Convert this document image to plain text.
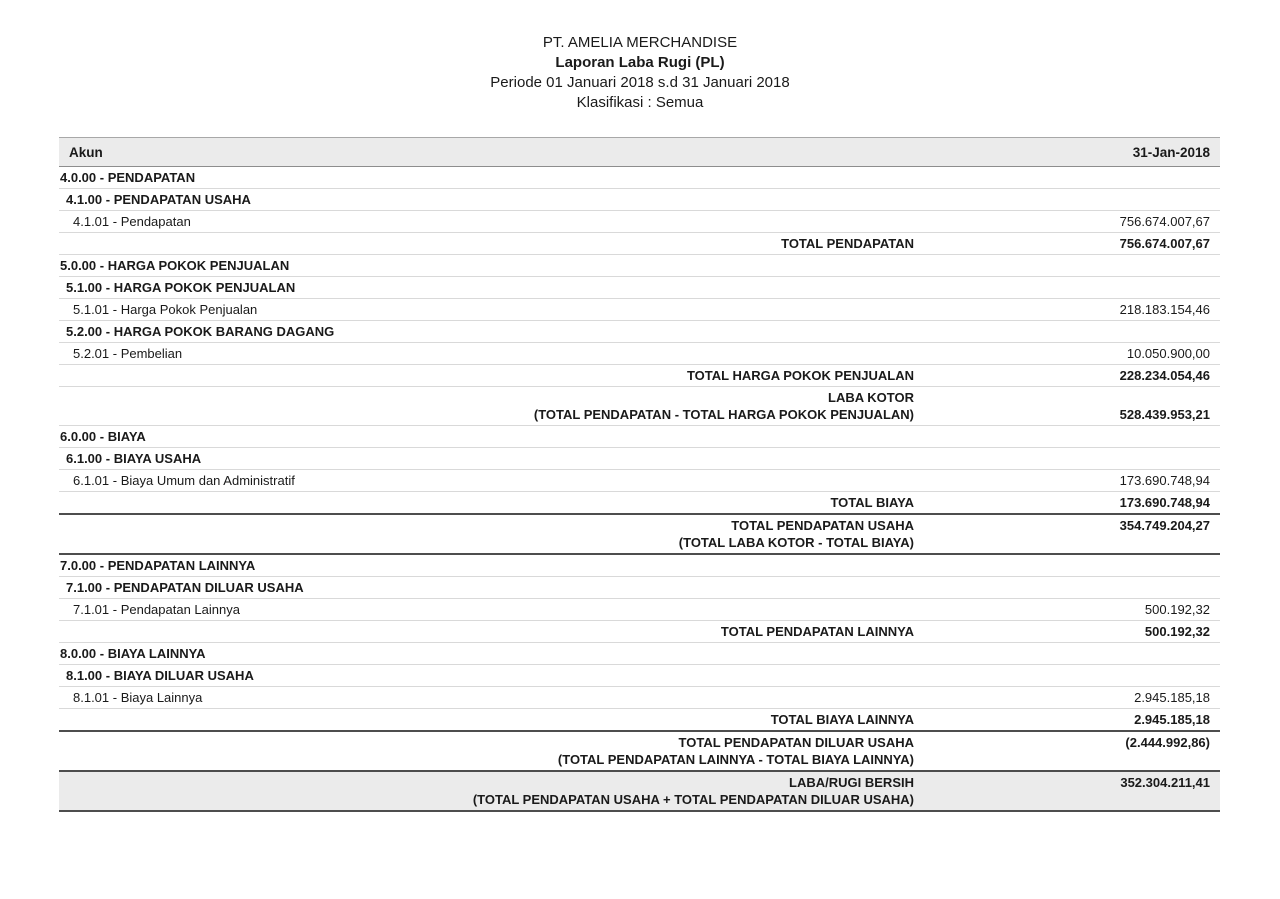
PT. AMELIA MERCHANDISE
Laporan Laba Rugi (PL)
Periode 01 Januari 2018 s.d 31 Januari 2018
Klasifikasi : Semua
Akun	31-Jan-2018

4.0.00 - PENDAPATAN	

4.1.00 - PENDAPATAN USAHA	

4.1.01 - Pendapatan	756.674.007,67

TOTAL PENDAPATAN	756.674.007,67

5.0.00 - HARGA POKOK PENJUALAN	

5.1.00 - HARGA POKOK PENJUALAN	

5.1.01 - Harga Pokok Penjualan	218.183.154,46

5.2.00 - HARGA POKOK BARANG DAGANG	

5.2.01 - Pembelian	10.050.900,00

TOTAL HARGA POKOK PENJUALAN	228.234.054,46

LABA KOTOR
(TOTAL PENDAPATAN - TOTAL HARGA POKOK PENJUALAN)	528.439.953,21

6.0.00 - BIAYA	

6.1.00 - BIAYA USAHA	

6.1.01 - Biaya Umum dan Administratif	173.690.748,94

TOTAL BIAYA	173.690.748,94

TOTAL PENDAPATAN USAHA
(TOTAL LABA KOTOR - TOTAL BIAYA)	354.749.204,27

7.0.00 - PENDAPATAN LAINNYA	

7.1.00 - PENDAPATAN DILUAR USAHA	

7.1.01 - Pendapatan Lainnya	500.192,32

TOTAL PENDAPATAN LAINNYA	500.192,32

8.0.00 - BIAYA LAINNYA	

8.1.00 - BIAYA DILUAR USAHA	

8.1.01 - Biaya Lainnya	2.945.185,18

TOTAL BIAYA LAINNYA	2.945.185,18

TOTAL PENDAPATAN DILUAR USAHA
(TOTAL PENDAPATAN LAINNYA - TOTAL BIAYA LAINNYA)	(2.444.992,86)

LABA/RUGI BERSIH
(TOTAL PENDAPATAN USAHA + TOTAL PENDAPATAN DILUAR USAHA)	352.304.211,41
